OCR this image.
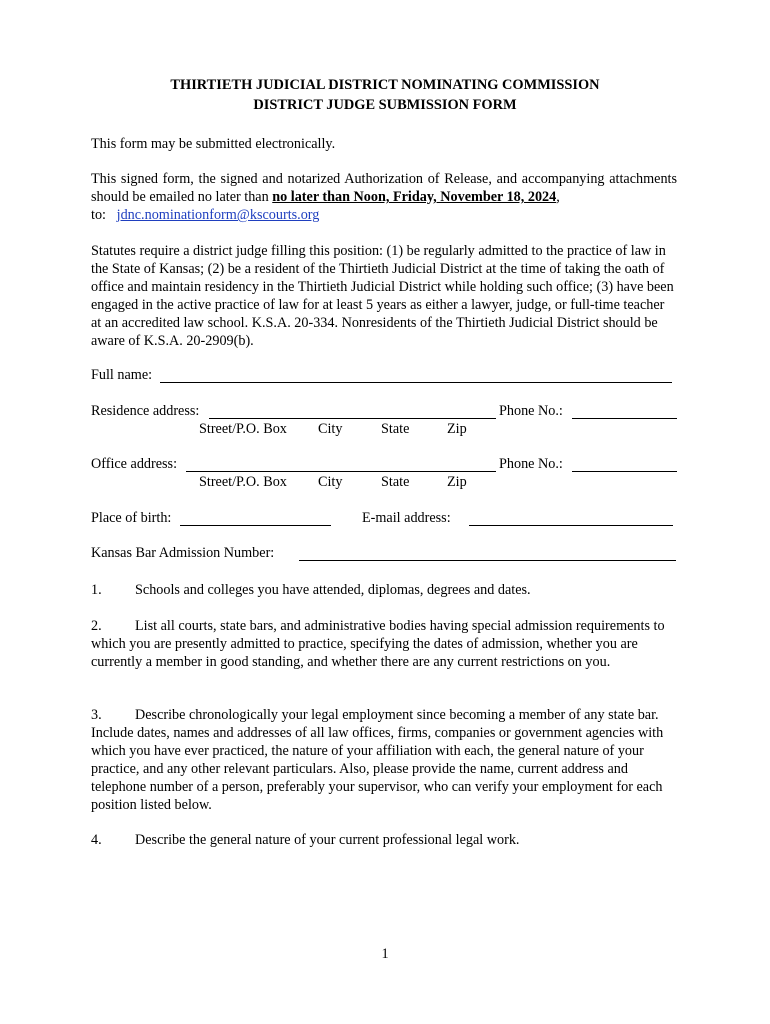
THIRTIETH JUDICIAL DISTRICT NOMINATING COMMISSION
DISTRICT JUDGE SUBMISSION FORM
This form may be submitted electronically.
This signed form, the signed and notarized Authorization of Release, and accompanying attachments should be emailed no later than no later than Noon, Friday, November 18, 2024,
to: jdnc.nominationform@kscourts.org
Statutes require a district judge filling this position: (1) be regularly admitted to the practice of law in the State of Kansas; (2) be a resident of the Thirtieth Judicial District at the time of taking the oath of office and maintain residency in the Thirtieth Judicial District while holding such office; (3) have been engaged in the active practice of law for at least 5 years as either a lawyer, judge, or full-time teacher at an accredited law school. K.S.A. 20-334. Nonresidents of the Thirtieth Judicial District should be aware of K.S.A. 20-2909(b).
Full name:
Residence address:	Phone No.:
Street/P.O. Box City	State	Zip
Office address:	Phone No.:
Street/P.O. Box City	State	Zip
Place of birth:	E-mail address:
Kansas Bar Admission Number:
1. Schools and colleges you have attended, diplomas, degrees and dates.
2. List all courts, state bars, and administrative bodies having special admission requirements to which you are presently admitted to practice, specifying the dates of admission, whether you are currently a member in good standing, and whether there are any current restrictions on you.
3. Describe chronologically your legal employment since becoming a member of any state bar. Include dates, names and addresses of all law offices, firms, companies or government agencies with which you have ever practiced, the nature of your affiliation with each, the general nature of your practice, and any other relevant particulars. Also, please provide the name, current address and telephone number of a person, preferably your supervisor, who can verify your employment for each position listed below.
4. Describe the general nature of your current professional legal work.
1
